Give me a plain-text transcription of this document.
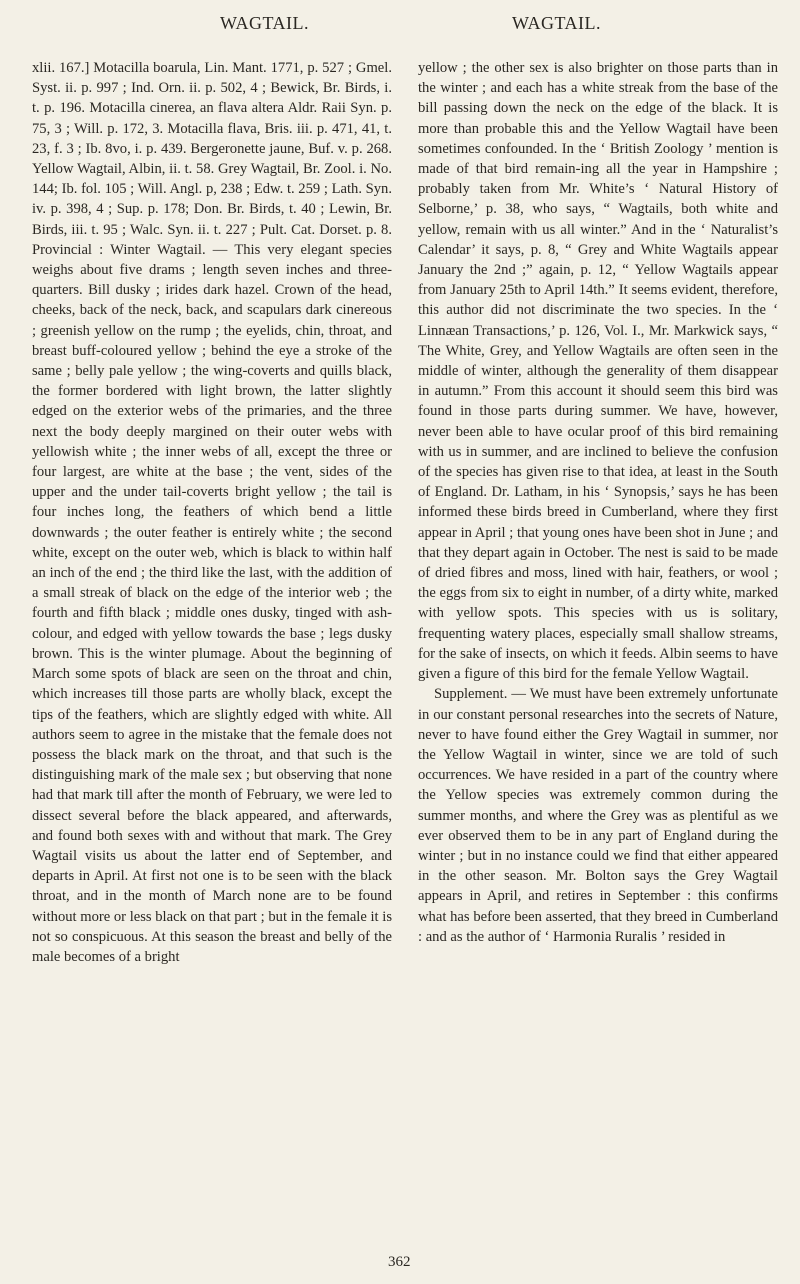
WAGTAIL.	WAGTAIL.

xlii. 167.] Motacilla boarula, Lin. Mant. 1771, p. 527 ; Gmel. Syst. ii. p. 997 ; Ind. Orn. ii. p. 502, 4 ; Bewick, Br. Birds, i. t. p. 196. Motacilla cinerea, an flava altera Aldr. Raii Syn. p. 75, 3 ; Will. p. 172, 3. Motacilla flava, Bris. iii. p. 471, 41, t. 23, f. 3 ; Ib. 8vo, i. p. 439. Bergeronette jaune, Buf. v. p. 268. Yellow Wagtail, Albin, ii. t. 58. Grey Wagtail, Br. Zool. i. No. 144; Ib. fol. 105 ; Will. Angl. p, 238 ; Edw. t. 259 ; Lath. Syn. iv. p. 398, 4 ; Sup. p. 178; Don. Br. Birds, t. 40 ; Lewin, Br. Birds, iii. t. 95 ; Walc. Syn. ii. t. 227 ; Pult. Cat. Dorset. p. 8. Provincial : Winter Wagtail. — This very elegant species weighs about five drams ; length seven inches and three-quarters. Bill dusky ; irides dark hazel. Crown of the head, cheeks, back of the neck, back, and scapulars dark cinereous ; greenish yellow on the rump ; the eyelids, chin, throat, and breast buff-coloured yellow ; behind the eye a stroke of the same ; belly pale yellow ; the wing-coverts and quills black, the former bordered with light brown, the latter slightly edged on the exterior webs of the primaries, and the three next the body deeply margined on their outer webs with yellowish white ; the inner webs of all, except the three or four largest, are white at the base ; the vent, sides of the upper and the under tail-coverts bright yellow ; the tail is four inches long, the feathers of which bend a little downwards ; the outer feather is entirely white ; the second white, except on the outer web, which is black to within half an inch of the end ; the third like the last, with the addition of a small streak of black on the edge of the interior web ; the fourth and fifth black ; middle ones dusky, tinged with ash-colour, and edged with yellow towards the base ; legs dusky brown. This is the winter plumage. About the beginning of March some spots of black are seen on the throat and chin, which increases till those parts are wholly black, except the tips of the feathers, which are slightly edged with white. All authors seem to agree in the mistake that the female does not possess the black mark on the throat, and that such is the distinguishing mark of the male sex ; but observing that none had that mark till after the month of February, we were led to dissect several before the black appeared, and afterwards, and found both sexes with and without that mark. The Grey Wagtail visits us about the latter end of September, and departs in April. At first not one is to be seen with the black throat, and in the month of March none are to be found without more or less black on that part ; but in the female it is not so conspicuous. At this season the breast and belly of the male becomes of a bright

yellow ; the other sex is also brighter on those parts than in the winter ; and each has a white streak from the base of the bill passing down the neck on the edge of the black. It is more than probable this and the Yellow Wagtail have been sometimes confounded. In the ‘ British Zoology ’ mention is made of that bird remain-ing all the year in Hampshire ; probably taken from Mr. White’s ‘ Natural History of Selborne,’ p. 38, who says, “ Wagtails, both white and yellow, remain with us all winter.” And in the ‘ Naturalist’s Calendar’ it says, p. 8, “ Grey and White Wagtails appear January the 2nd ;” again, p. 12, “ Yellow Wagtails appear from January 25th to April 14th.” It seems evident, therefore, this author did not discriminate the two species. In the ‘ Linnæan Transactions,’ p. 126, Vol. I., Mr. Markwick says, “ The White, Grey, and Yellow Wagtails are often seen in the middle of winter, although the generality of them disappear in autumn.” From this account it should seem this bird was found in those parts during summer. We have, however, never been able to have ocular proof of this bird remaining with us in summer, and are inclined to believe the confusion of the species has given rise to that idea, at least in the South of England. Dr. Latham, in his ‘ Synopsis,’ says he has been informed these birds breed in Cumberland, where they first appear in April ; that young ones have been shot in June ; and that they depart again in October. The nest is said to be made of dried fibres and moss, lined with hair, feathers, or wool ; the eggs from six to eight in number, of a dirty white, marked with yellow spots. This species with us is solitary, frequenting watery places, especially small shallow streams, for the sake of insects, on which it feeds. Albin seems to have given a figure of this bird for the female Yellow Wagtail.

Supplement. — We must have been extremely unfortunate in our constant personal researches into the secrets of Nature, never to have found either the Grey Wagtail in summer, nor the Yellow Wagtail in winter, since we are told of such occurrences. We have resided in a part of the country where the Yellow species was extremely common during the summer months, and where the Grey was as plentiful as we ever observed them to be in any part of England during the winter ; but in no instance could we find that either appeared in the other season. Mr. Bolton says the Grey Wagtail appears in April, and retires in September : this confirms what has before been asserted, that they breed in Cumberland : and as the author of ‘ Harmonia Ruralis ’ resided in

362
